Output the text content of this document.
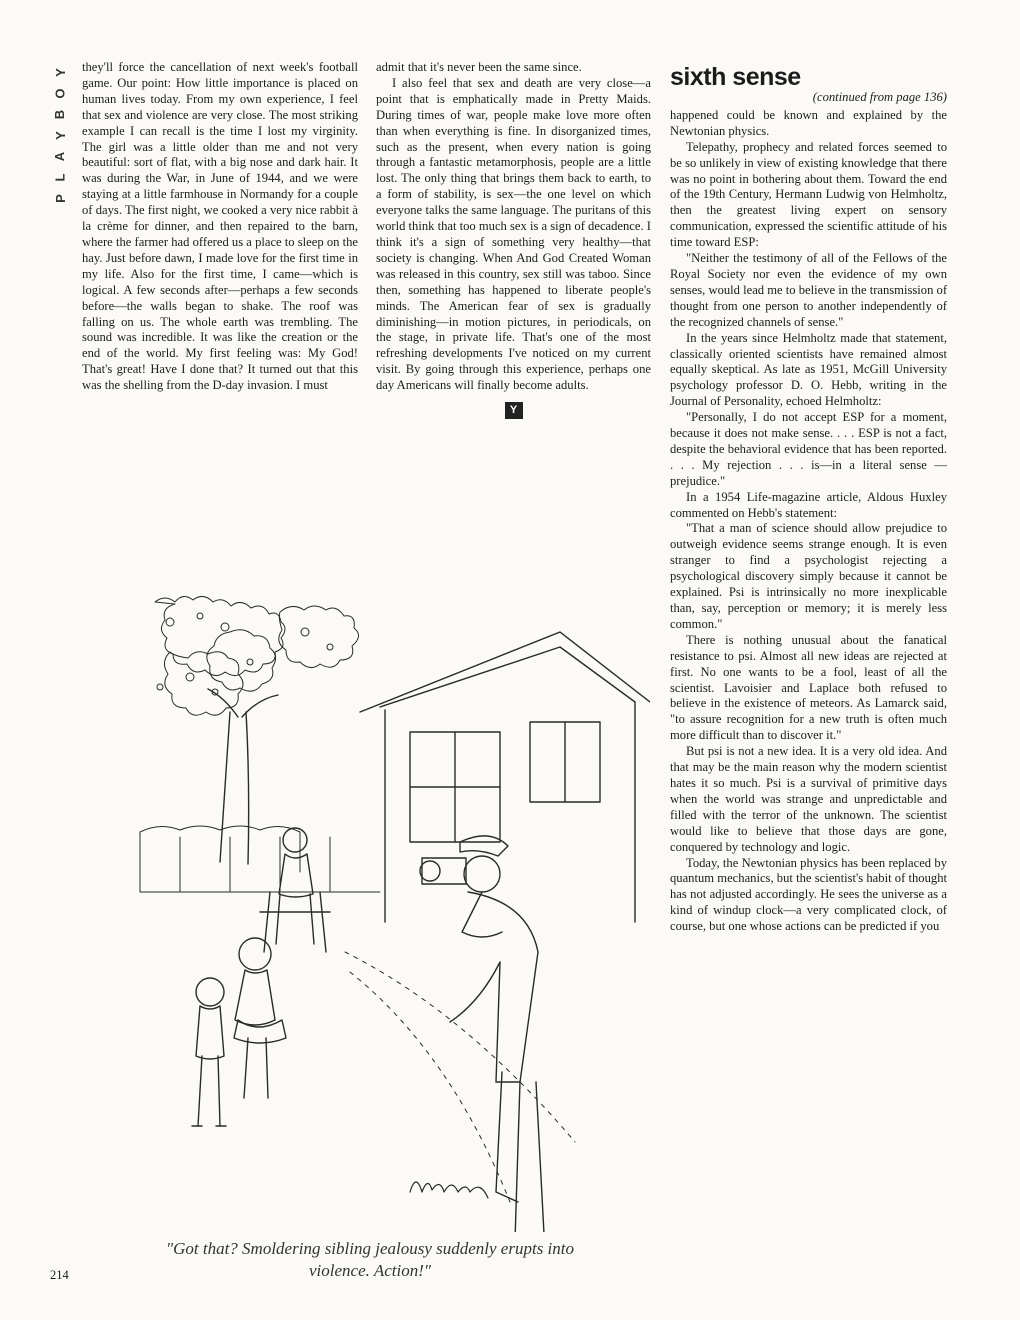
Y
O
B
Y
A
L
P

they'll force the cancellation of next week's football game. Our point: How little importance is placed on human lives today. From my own experience, I feel that sex and violence are very close. The most striking example I can recall is the time I lost my virginity. The girl was a little older than me and not very beautiful: sort of flat, with a big nose and dark hair. It was during the War, in June of 1944, and we were staying at a little farmhouse in Normandy for a couple of days. The first night, we cooked a very nice rabbit à la crème for dinner, and then repaired to the barn, where the farmer had offered us a place to sleep on the hay. Just before dawn, I made love for the first time in my life. Also for the first time, I came—which is logical. A few seconds after—perhaps a few seconds before—the walls began to shake. The roof was falling on us. The whole earth was trembling. The sound was incredible. It was like the creation or the end of the world. My first feeling was: My God! That's great! Have I done that? It turned out that this was the shelling from the D-day invasion. I must

admit that it's never been the same since.

I also feel that sex and death are very close—a point that is emphatically made in Pretty Maids. During times of war, people make love more often than when everything is fine. In disorganized times, such as the present, when every nation is going through a fantastic metamorphosis, people are a little lost. The only thing that brings them back to earth, to a form of stability, is sex—the one level on which everyone talks the same language. The puritans of this world think that too much sex is a sign of decadence. I think it's a sign of something very healthy—that society is changing. When And God Created Woman was released in this country, sex still was taboo. Since then, something has happened to liberate people's minds. The American fear of sex is gradually diminishing—in motion pictures, in periodicals, on the stage, in private life. That's one of the most refreshing developments I've noticed on my current visit. By going through this experience, perhaps one day Americans will finally become adults.

Y
sixth sense
(continued from page 136)

happened could be known and explained by the Newtonian physics.

Telepathy, prophecy and related forces seemed to be so unlikely in view of existing knowledge that there was no point in bothering about them. Toward the end of the 19th Century, Hermann Ludwig von Helmholtz, then the greatest living expert on sensory communication, expressed the scientific attitude of his time toward ESP:

"Neither the testimony of all of the Fellows of the Royal Society nor even the evidence of my own senses, would lead me to believe in the transmission of thought from one person to another independently of the recognized channels of sense."

In the years since Helmholtz made that statement, classically oriented scientists have remained almost equally skeptical. As late as 1951, McGill University psychology professor D. O. Hebb, writing in the Journal of Personality, echoed Helmholtz:

"Personally, I do not accept ESP for a moment, because it does not make sense. . . . ESP is not a fact, despite the behavioral evidence that has been reported. . . . My rejection . . . is—in a literal sense —prejudice."

In a 1954 Life-magazine article, Aldous Huxley commented on Hebb's statement:

"That a man of science should allow prejudice to outweigh evidence seems strange enough. It is even stranger to find a psychologist rejecting a psychological discovery simply because it cannot be explained. Psi is intrinsically no more inexplicable than, say, perception or memory; it is merely less common."

There is nothing unusual about the fanatical resistance to psi. Almost all new ideas are rejected at first. No one wants to be a fool, least of all the scientist. Lavoisier and Laplace both refused to believe in the existence of meteors. As Lamarck said, "to assure recognition for a new truth is often much more difficult than to discover it."

But psi is not a new idea. It is a very old idea. And that may be the main reason why the modern scientist hates it so much. Psi is a survival of primitive days when the world was strange and unpredictable and filled with the terror of the unknown. The scientist would like to believe that those days are gone, conquered by technology and logic.

Today, the Newtonian physics has been replaced by quantum mechanics, but the scientist's habit of thought has not adjusted accordingly. He sees the universe as a kind of windup clock—a very complicated clock, of course, but one whose actions can be predicted if you

"Got that? Smoldering sibling jealousy suddenly erupts into violence. Action!"
214
